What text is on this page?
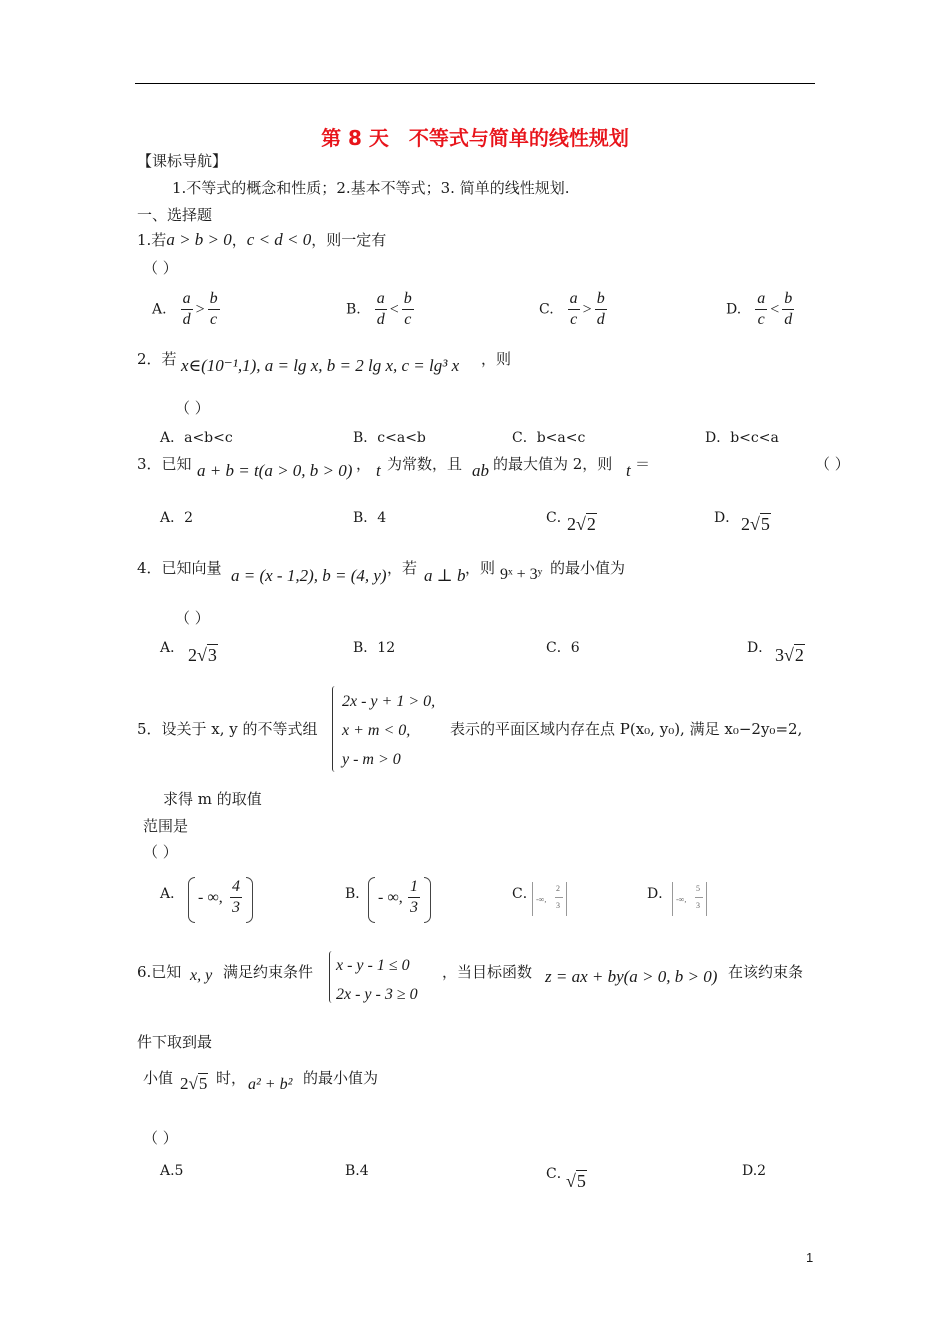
第 8 天　不等式与简单的线性规划
【课标导航】
1.不等式的概念和性质；2.基本不等式；3. 简单的线性规划.
一、选择题
1.若a > b > 0，c < d < 0，则一定有
（ ）
A. $\frac{a}{d} > \frac{b}{c}$	B. $\frac{a}{d} < \frac{b}{c}$	C. $\frac{a}{c} > \frac{b}{d}$	D. $\frac{a}{c} < \frac{b}{d}$
2．若 x∈(10⁻¹,1), a = lg x, b = 2 lg x, c = lg³ x ，则
（ ）
A．a<b<c	B．c<a<b	C．b<a<c	D．b<c<a
3．已知 a + b = t(a > 0, b > 0) ， t 为常数，且 ab 的最大值为 2，则 t ＝	（ ）
A．2	B．4	C．
2√2	D． 2√5
4．已知向量 a = (x - 1,2), b = (4, y) ，若 a ⊥ b ，则 9ˣ + 3ʸ 的最小值为
（ ）
A． 2√3	B．12	C．6	D． 3√2
5．设关于 x, y 的不等式组
2x - y + 1 > 0,
x + m < 0,
y - m > 0
表示的平面区域内存在点 P(x₀, y₀), 满足 x₀−2y₀=2,
求得 m 的取值
范围是
（ ）
A． - ∞, $\frac{4}{3}$	B． - ∞, $\frac{1}{3}$	C． -∞,
2
3
D． -∞,
5
3
6.已知 x, y 满足约束条件 x - y - 1 ≤ 0
2x - y - 3 ≥ 0
，当目标函数 z = ax + by(a > 0, b > 0) 在该约束条
件下取到最
小值 2√5 时， a² + b² 的最小值为
（ ）
A.5	B.4	C．
√5	D.2
1
